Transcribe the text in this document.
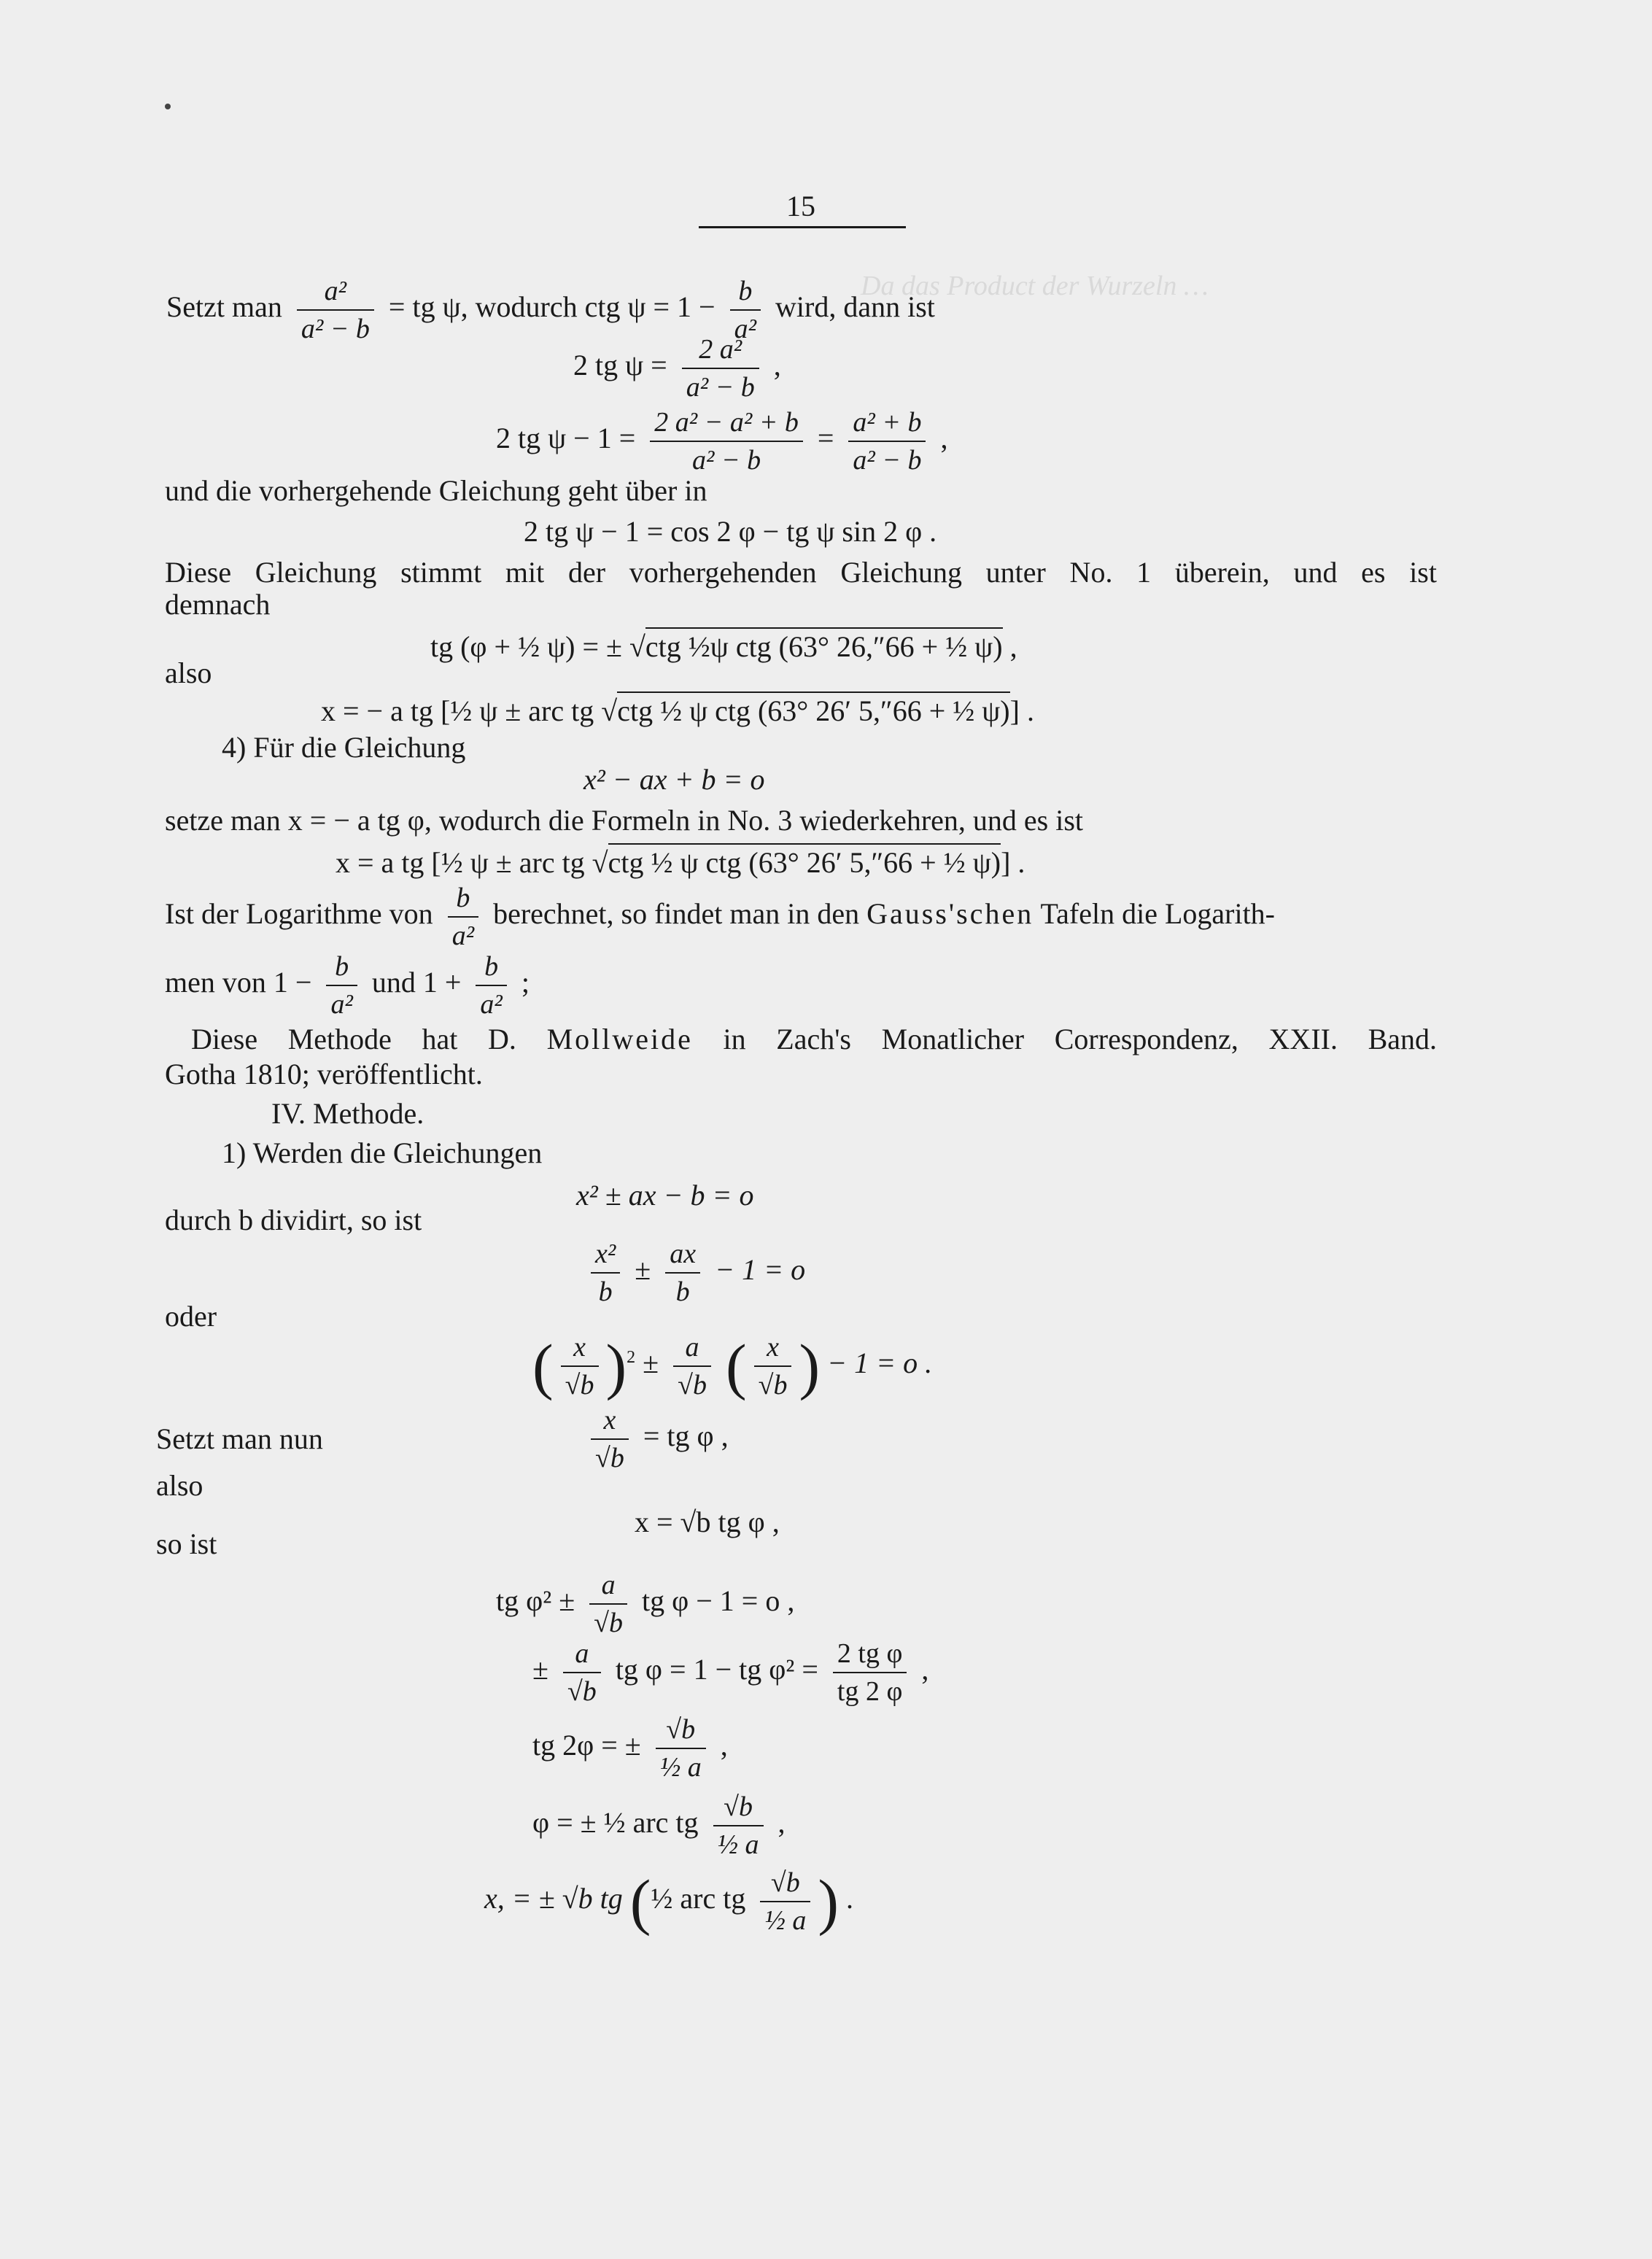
Da das Product der Wurzeln …
15
Setzt man $\frac{\text{a²}}{\text{a² − b}}$ = tg ψ, wodurch ctg $\psi = 1 - \frac{b}{\text{a²}}$ wird, dann ist
2 tg $\psi = \frac{\text{2 a²}}{\text{a² − b}}$ ,
2 tg $\psi - 1 = \frac{\text{2 a² − a² + b}}{\text{a² − b}} = \frac{\text{a² + b}}{\text{a² − b}}$ ,
und die vorhergehende Gleichung geht über in
2 tg ψ − 1 = cos 2 φ − tg ψ sin 2 φ .
Diese Gleichung stimmt mit der vorhergehenden Gleichung unter No. 1 überein, und es ist
demnach
tg (φ + ½ ψ) = ± √ctg ½ψ ctg (63° 26,″66 + ½ ψ) ,
also
x = − a tg [½ ψ ± arc tg √ctg ½ ψ ctg (63° 26′ 5,″66 + ½ ψ)] .
4) Für die Gleichung
x² − ax + b = o
setze man x = − a tg φ, wodurch die Formeln in No. 3 wiederkehren, und es ist
x = a tg [½ ψ ± arc tg √ctg ½ ψ ctg (63° 26′ 5,″66 + ½ ψ)] .
Ist der Logarithme von $\frac{b}{\text{a²}}$ berechnet, so findet man in den Gauss'schen Tafeln die Logarith-
men von $1 - \frac{b}{\text{a²}}$ und $1 + \frac{b}{\text{a²}}$ ;
Diese Methode hat D. Mollweide in Zach's Monatlicher Correspondenz, XXII. Band.
Gotha 1810; veröffentlicht.
IV. Methode.
1) Werden die Gleichungen
x² ± ax − b = o
durch b dividirt, so ist
$\frac{\text{x²}}{b} \pm \frac{ax}{b} - 1 = o$
oder
( $\frac{x}{√b} )^2 \pm \frac{a}{√b}$ ( $\frac{x}{√b}$ ) − 1 = o .
Setzt man nun	$\frac{x}{√b}$ = tg φ ,
also
so ist
x = √b tg φ ,
tg $\varphi^2 \pm \frac{a}{√b}$ tg φ − 1 = o ,
± $\frac{a}{√b}$ tg φ = 1 − tg $\varphi^2 = \frac{\text{2 tg φ}}{tg 2 \varphi}$ ,
tg 2φ = ± $\frac{√b}{\text{½ a}}$ ,
φ = ± ½ arc tg $\frac{√b}{\text{½ a}}$ ,
x, = ± √b tg (½ arc tg $\frac{√b}{\text{½ a}}$ ) .
